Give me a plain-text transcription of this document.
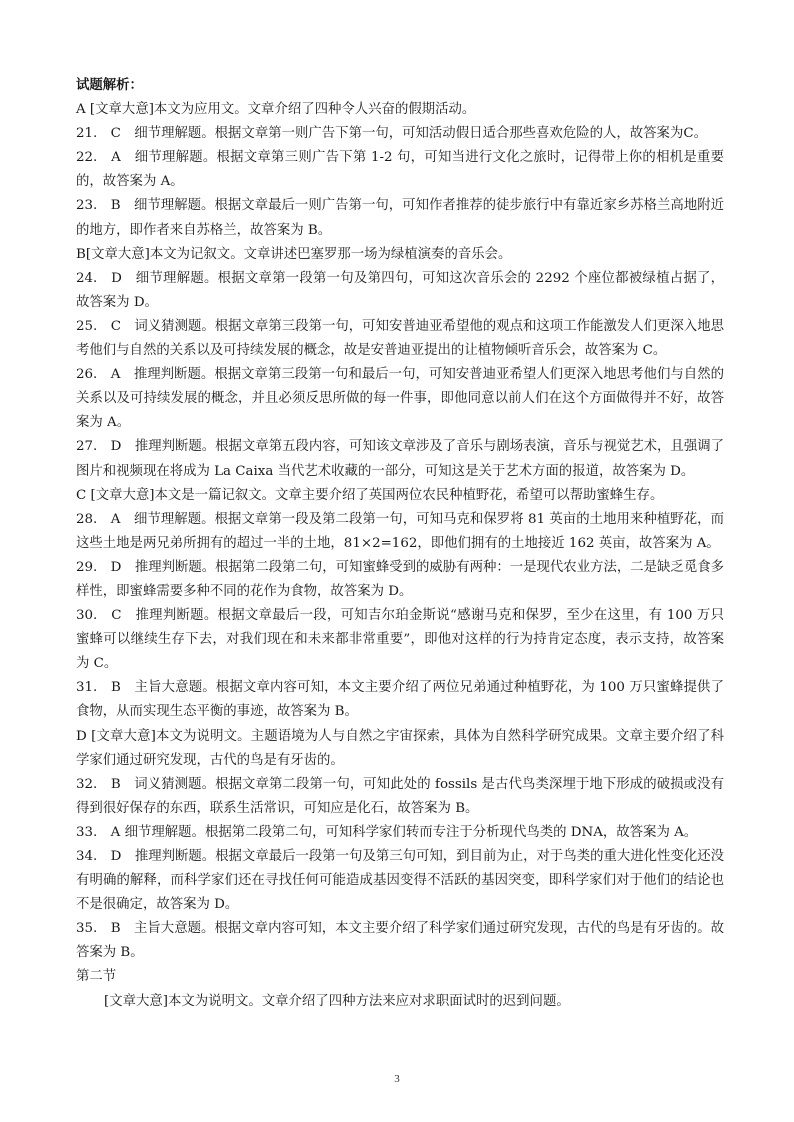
试题解析：

A [文章大意]本文为应用文。文章介绍了四种令人兴奋的假期活动。

21.　C　细节理解题。根据文章第一则广告下第一句，可知活动假日适合那些喜欢危险的人，故答案为C。

22.　A　细节理解题。根据文章第三则广告下第 1-2 句，可知当进行文化之旅时，记得带上你的相机是重要的，故答案为 A。

23.　B　细节理解题。根据文章最后一则广告第一句，可知作者推荐的徒步旅行中有靠近家乡苏格兰高地附近的地方，即作者来自苏格兰，故答案为 B。

B[文章大意]本文为记叙文。文章讲述巴塞罗那一场为绿植演奏的音乐会。

24.　D　细节理解题。根据文章第一段第一句及第四句，可知这次音乐会的 2292 个座位都被绿植占据了，故答案为 D。

25.　C　词义猜测题。根据文章第三段第一句，可知安普迪亚希望他的观点和这项工作能激发人们更深入地思考他们与自然的关系以及可持续发展的概念，故是安普迪亚提出的让植物倾听音乐会，故答案为 C。

26.　A　推理判断题。根据文章第三段第一句和最后一句，可知安普迪亚希望人们更深入地思考他们与自然的关系以及可持续发展的概念，并且必须反思所做的每一件事，即他同意以前人们在这个方面做得并不好，故答案为 A。

27.　D　推理判断题。根据文章第五段内容，可知该文章涉及了音乐与剧场表演，音乐与视觉艺术，且强调了图片和视频现在将成为 La Caixa 当代艺术收藏的一部分，可知这是关于艺术方面的报道，故答案为 D。

C [文章大意]本文是一篇记叙文。文章主要介绍了英国两位农民种植野花，希望可以帮助蜜蜂生存。

28.　A　细节理解题。根据文章第一段及第二段第一句，可知马克和保罗将 81 英亩的土地用来种植野花，而这些土地是两兄弟所拥有的超过一半的土地，81×2=162，即他们拥有的土地接近 162 英亩，故答案为 A。

29.　D　推理判断题。根据第二段第二句，可知蜜蜂受到的威胁有两种：一是现代农业方法，二是缺乏觅食多样性，即蜜蜂需要多种不同的花作为食物，故答案为 D。

30.　C　推理判断题。根据文章最后一段，可知吉尔珀金斯说“感谢马克和保罗，至少在这里，有 100 万只蜜蜂可以继续生存下去，对我们现在和未来都非常重要”，即他对这样的行为持肯定态度，表示支持，故答案为 C。

31.　B　主旨大意题。根据文章内容可知，本文主要介绍了两位兄弟通过种植野花，为 100 万只蜜蜂提供了食物，从而实现生态平衡的事迹，故答案为 B。

D [文章大意]本文为说明文。主题语境为人与自然之宇宙探索，具体为自然科学研究成果。文章主要介绍了科学家们通过研究发现，古代的鸟是有牙齿的。

32.　B　词义猜测题。根据文章第二段第一句，可知此处的 fossils 是古代鸟类深埋于地下形成的破损或没有得到很好保存的东西，联系生活常识，可知应是化石，故答案为 B。

33.　A 细节理解题。根据第二段第二句，可知科学家们转而专注于分析现代鸟类的 DNA，故答案为 A。

34.　D　推理判断题。根据文章最后一段第一句及第三句可知，到目前为止，对于鸟类的重大进化性变化还没有明确的解释，而科学家们还在寻找任何可能造成基因变得不活跃的基因突变，即科学家们对于他们的结论也不是很确定，故答案为 D。

35.　B　主旨大意题。根据文章内容可知，本文主要介绍了科学家们通过研究发现，古代的鸟是有牙齿的。故答案为 B。

第二节

[文章大意]本文为说明文。文章介绍了四种方法来应对求职面试时的迟到问题。

3
